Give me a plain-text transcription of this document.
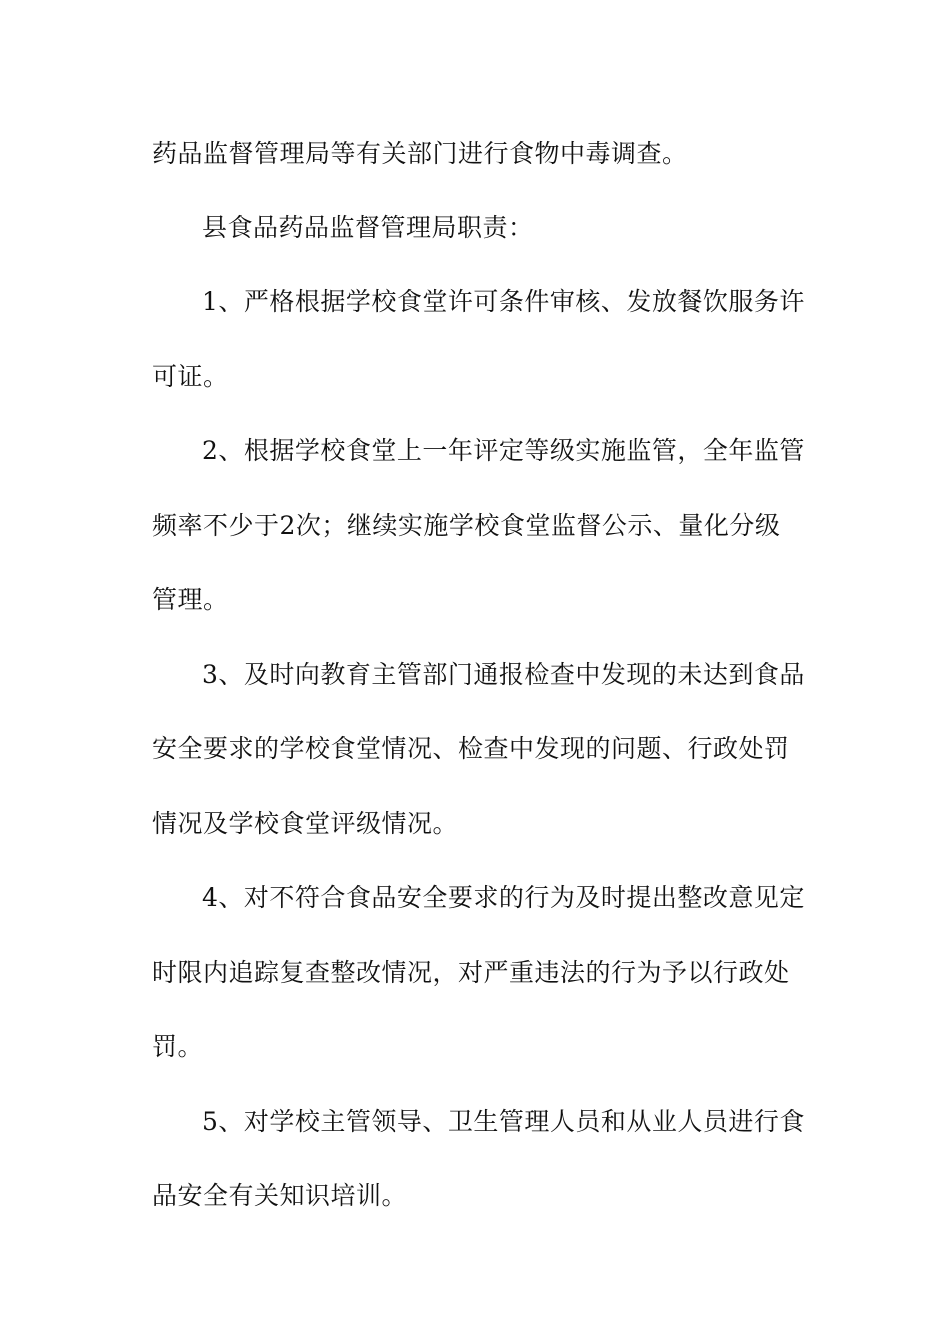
药品监督管理局等有关部门进行食物中毒调查。
县食品药品监督管理局职责：
1、严格根据学校食堂许可条件审核、发放餐饮服务许
可证。
2、根据学校食堂上一年评定等级实施监管，全年监管
频率不少于2次；继续实施学校食堂监督公示、量化分级
管理。
3、及时向教育主管部门通报检查中发现的未达到食品
安全要求的学校食堂情况、检查中发现的问题、行政处罚
情况及学校食堂评级情况。
4、对不符合食品安全要求的行为及时提出整改意见定
时限内追踪复查整改情况，对严重违法的行为予以行政处
罚。
5、对学校主管领导、卫生管理人员和从业人员进行食
品安全有关知识培训。
